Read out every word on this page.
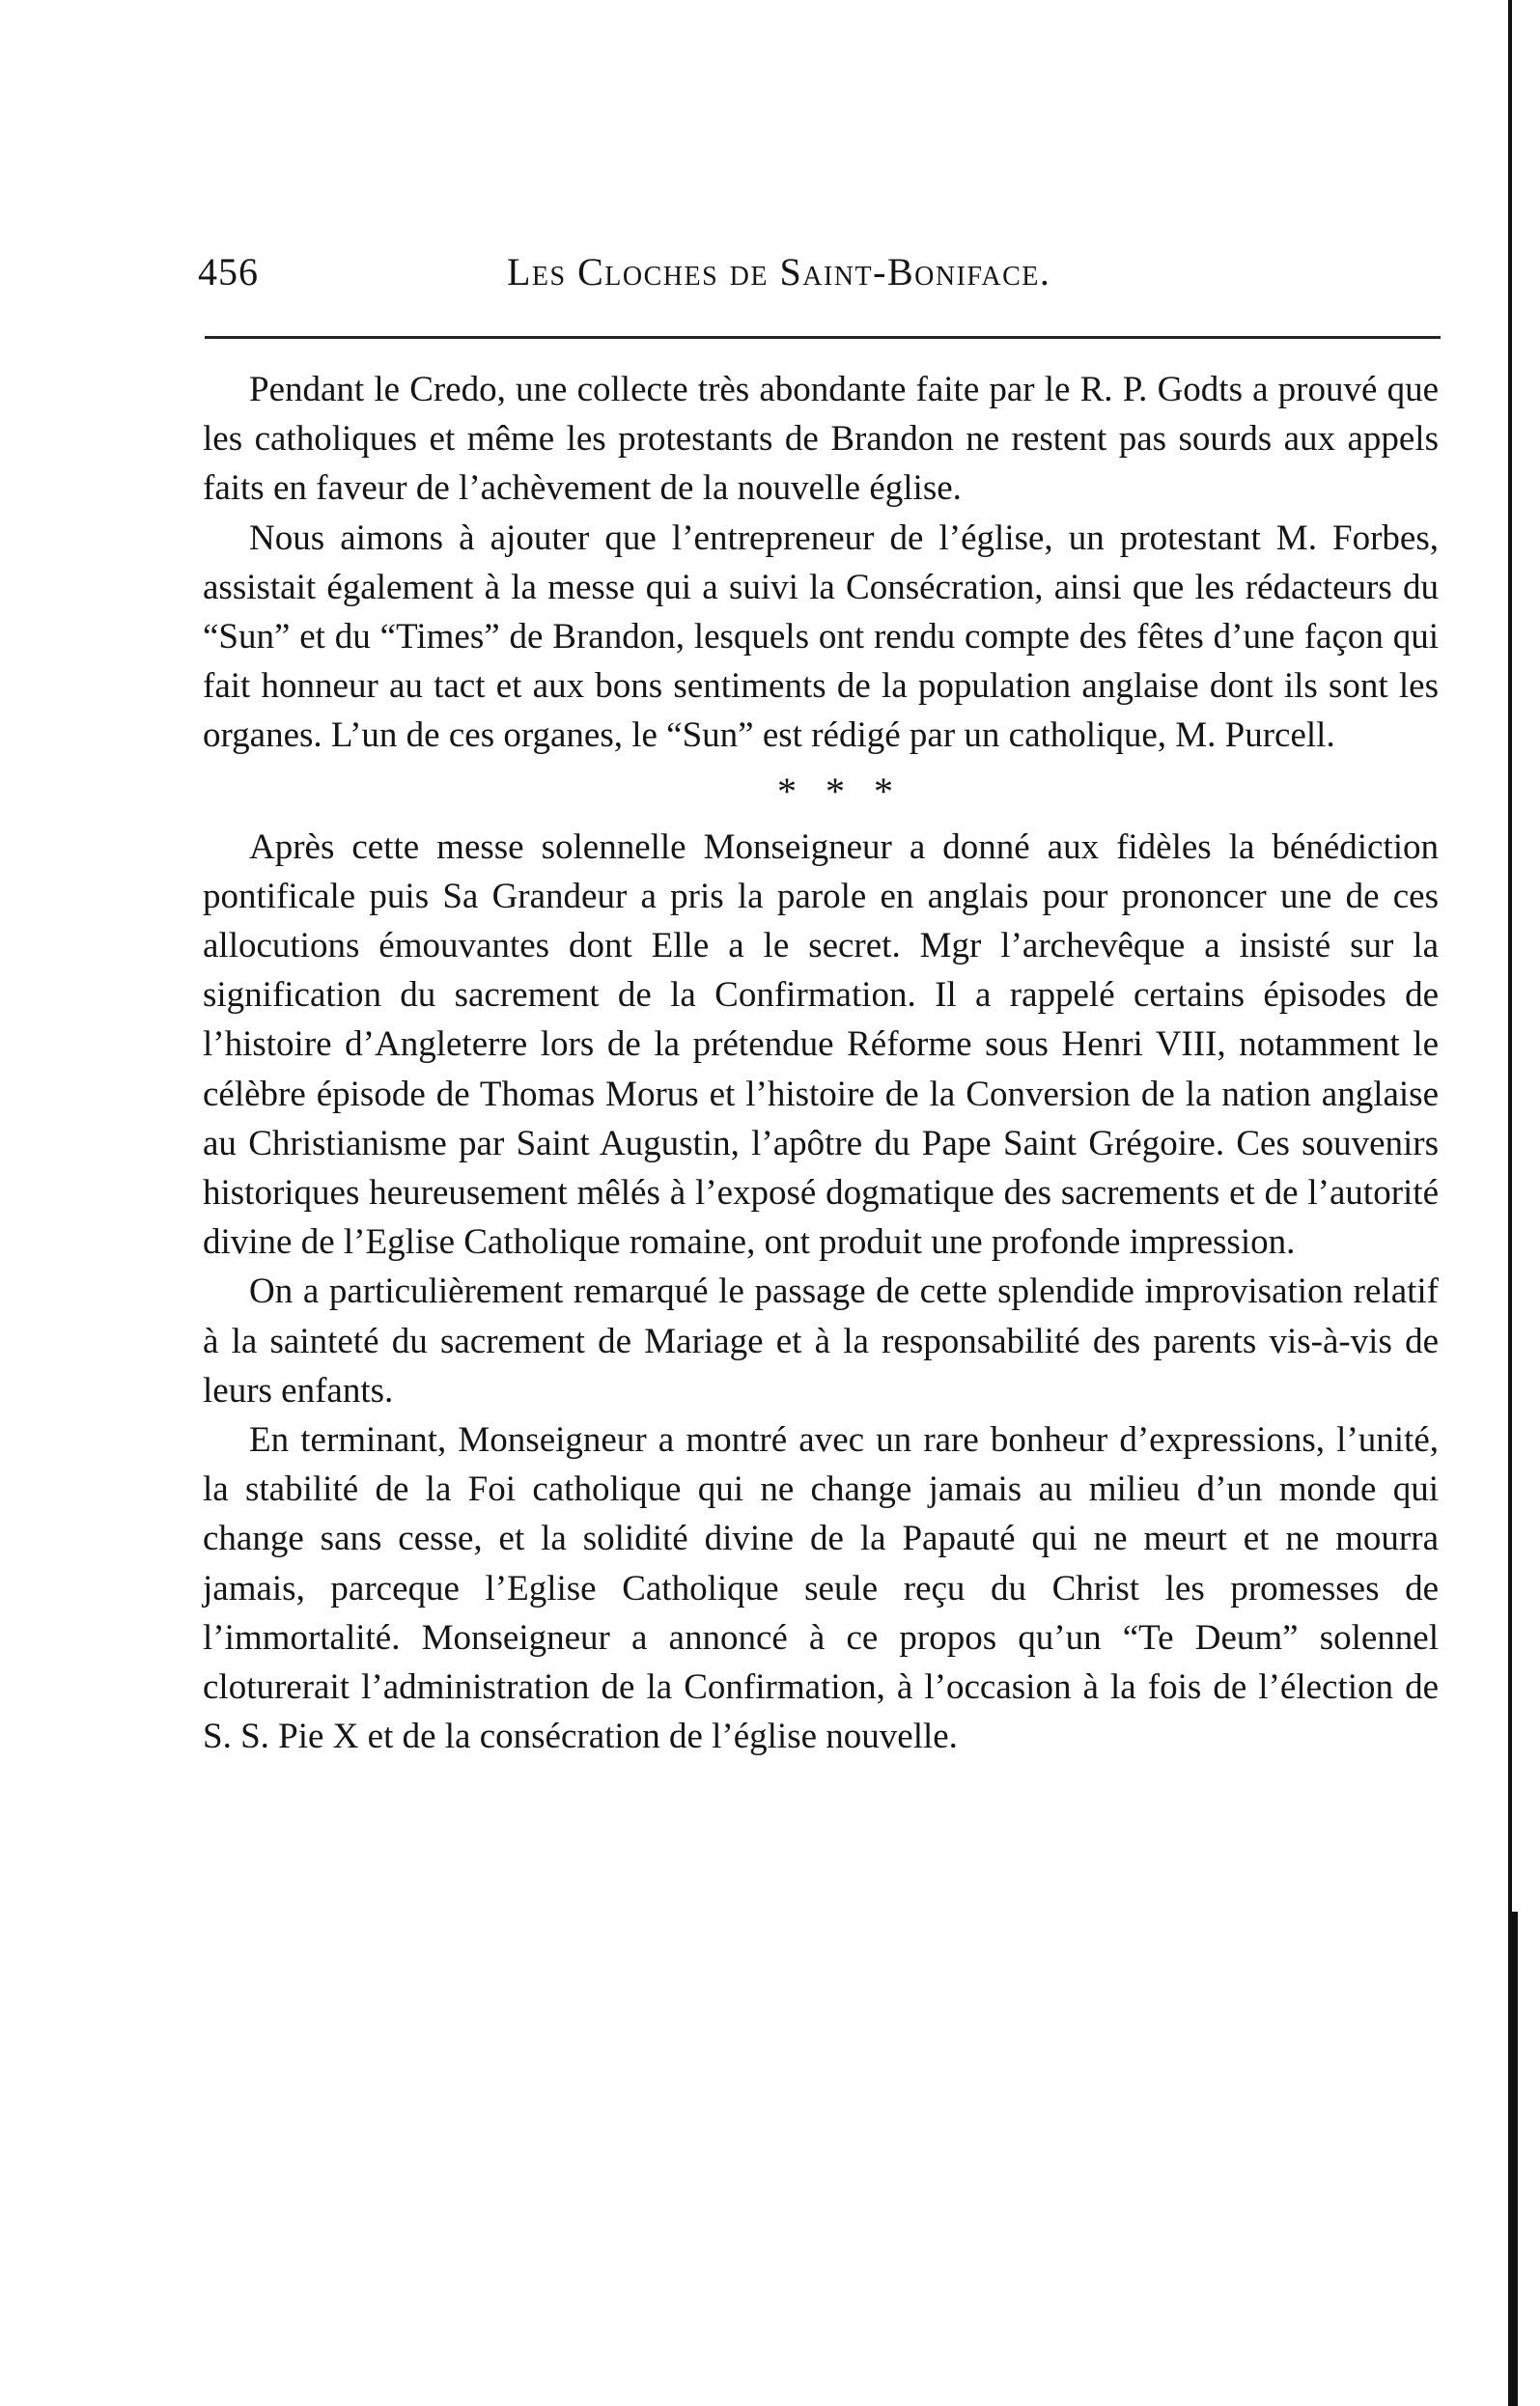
456	Les Cloches de Saint-Boniface.

Pendant le Credo, une collecte très abondante faite par le R. P. Godts a prouvé que les catholiques et même les protestants de Brandon ne restent pas sourds aux appels faits en faveur de l’achèvement de la nouvelle église.

Nous aimons à ajouter que l’entrepreneur de l’église, un protestant M. Forbes, assistait également à la messe qui a suivi la Consécration, ainsi que les rédacteurs du “Sun” et du “Times” de Brandon, lesquels ont rendu compte des fêtes d’une façon qui fait honneur au tact et aux bons sentiments de la population anglaise dont ils sont les organes. L’un de ces organes, le “Sun” est rédigé par un catholique, M. Purcell.

* * *

Après cette messe solennelle Monseigneur a donné aux fidèles la bénédiction pontificale puis Sa Grandeur a pris la parole en anglais pour prononcer une de ces allocutions émouvantes dont Elle a le secret. Mgr l’archevêque a insisté sur la signification du sacrement de la Confirmation. Il a rappelé certains épisodes de l’histoire d’Angleterre lors de la prétendue Réforme sous Henri VIII, notamment le célèbre épisode de Thomas Morus et l’histoire de la Conversion de la nation anglaise au Christianisme par Saint Augustin, l’apôtre du Pape Saint Grégoire. Ces souvenirs historiques heureusement mêlés à l’exposé dogmatique des sacrements et de l’autorité divine de l’Eglise Catholique romaine, ont produit une profonde impression.

On a particulièrement remarqué le passage de cette splendide improvisation relatif à la sainteté du sacrement de Mariage et à la responsabilité des parents vis-à-vis de leurs enfants.

En terminant, Monseigneur a montré avec un rare bonheur d’expressions, l’unité, la stabilité de la Foi catholique qui ne change jamais au milieu d’un monde qui change sans cesse, et la solidité divine de la Papauté qui ne meurt et ne mourra jamais, parceque l’Eglise Catholique seule reçu du Christ les promesses de l’immortalité. Monseigneur a annoncé à ce propos qu’un “Te Deum” solennel cloturerait l’administration de la Confirmation, à l’occasion à la fois de l’élection de S. S. Pie X et de la consécration de l’église nouvelle.
